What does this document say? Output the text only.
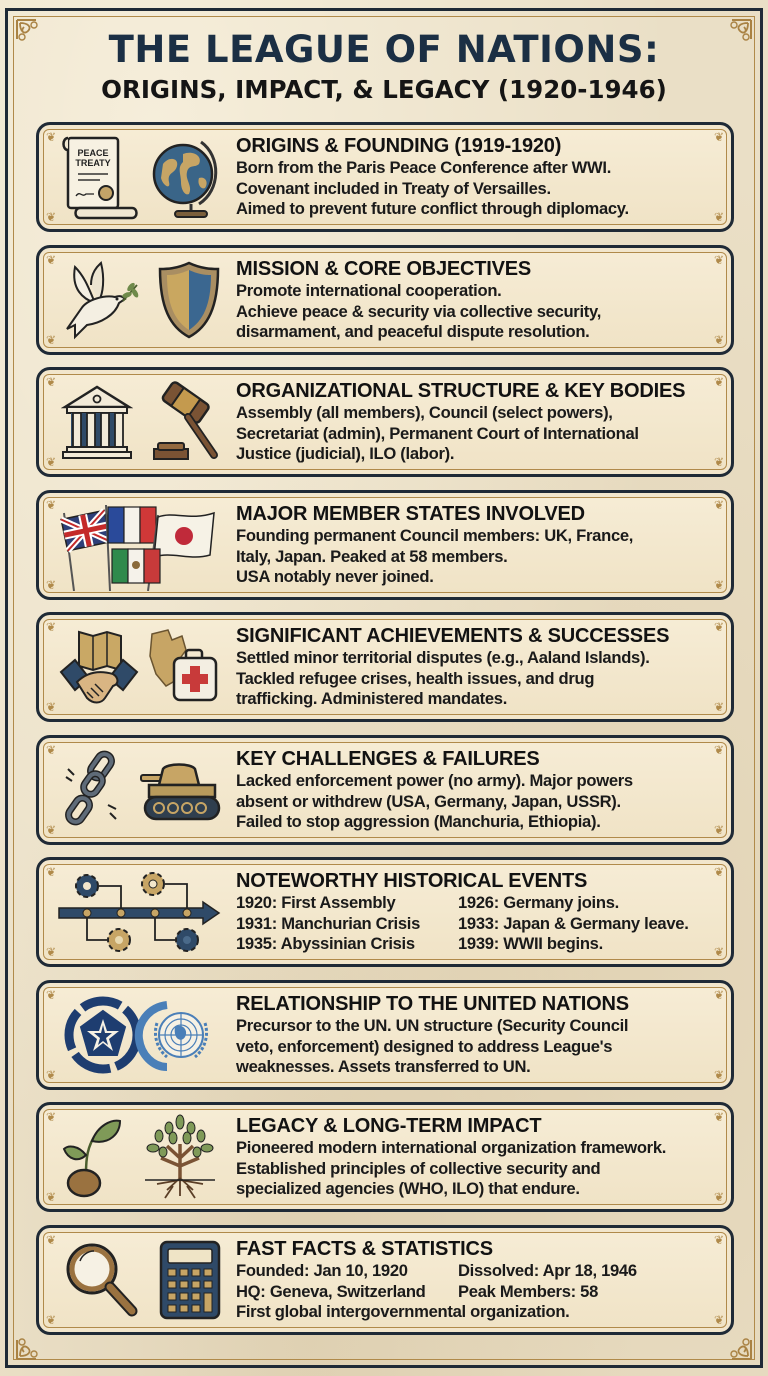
THE LEAGUE OF NATIONS:
ORIGINS, IMPACT, & LEGACY (1920-1946)
❦	❦
❦	❦
PEACE
TREATY
ORIGINS & FOUNDING (1919-1920)
Born from the Paris Peace Conference after WWI.
Covenant included in Treaty of Versailles.
Aimed to prevent future conflict through diplomacy.
❦	❦
❦	❦
MISSION & CORE OBJECTIVES
Promote international cooperation.
Achieve peace & security via collective security,
disarmament, and peaceful dispute resolution.
❦	❦
❦	❦
ORGANIZATIONAL STRUCTURE & KEY BODIES
Assembly (all members), Council (select powers),
Secretariat (admin), Permanent Court of International
Justice (judicial), ILO (labor).
❦	❦
❦	❦
MAJOR MEMBER STATES INVOLVED
Founding permanent Council members: UK, France,
Italy, Japan. Peaked at 58 members.
USA notably never joined.
❦	❦
❦	❦
SIGNIFICANT ACHIEVEMENTS & SUCCESSES
Settled minor territorial disputes (e.g., Aaland Islands).
Tackled refugee crises, health issues, and drug
trafficking. Administered mandates.
❦	❦
❦	❦
KEY CHALLENGES & FAILURES
Lacked enforcement power (no army). Major powers
absent or withdrew (USA, Germany, Japan, USSR).
Failed to stop aggression (Manchuria, Ethiopia).
❦	❦
❦	❦
NOTEWORTHY HISTORICAL EVENTS
1920: First Assembly	1926: Germany joins.
1931: Manchurian Crisis	1933: Japan & Germany leave.
1935: Abyssinian Crisis	1939: WWII begins.
❦	❦
❦	❦
RELATIONSHIP TO THE UNITED NATIONS
Precursor to the UN. UN structure (Security Council
veto, enforcement) designed to address League's
weaknesses. Assets transferred to UN.
❦	❦
❦	❦
LEGACY & LONG-TERM IMPACT
Pioneered modern international organization framework.
Established principles of collective security and
specialized agencies (WHO, ILO) that endure.
❦	❦
❦	❦
FAST FACTS & STATISTICS
Founded: Jan 10, 1920	Dissolved: Apr 18, 1946
HQ: Geneva, Switzerland	Peak Members: 58
First global intergovernmental organization.
